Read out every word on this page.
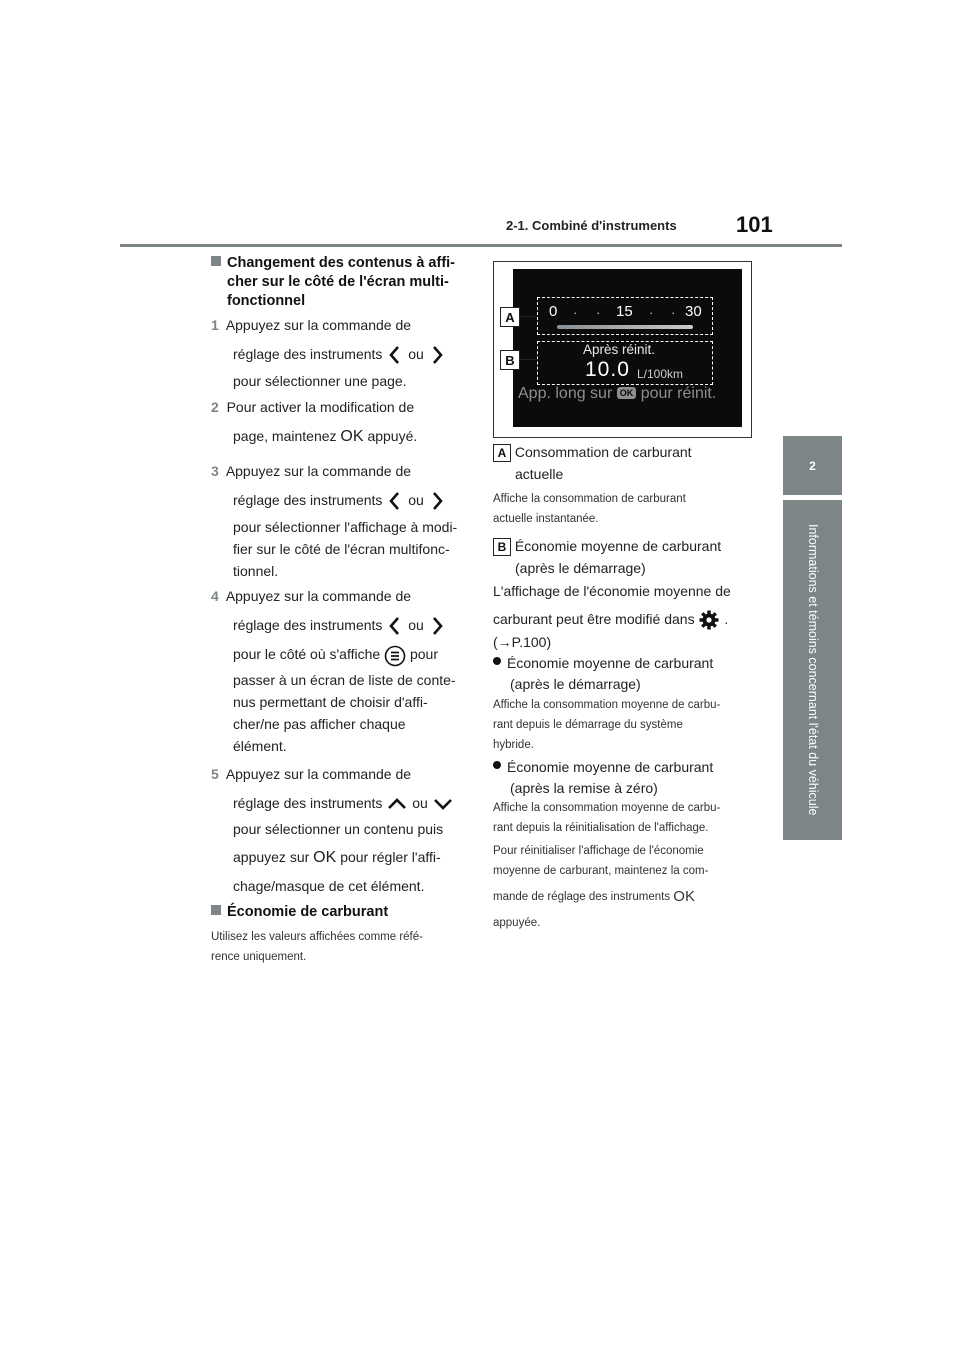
2-1. Combiné d'instruments	101
2
Informations et témoins concernant l'état du véhicule
Changement des contenus à affi-
cher sur le côté de l'écran multi-
fonctionnel
1 Appuyez sur la commande de
réglage des instruments ou
pour sélectionner une page.
2 Pour activer la modification de
page, maintenez OK appuyé.
3 Appuyez sur la commande de
réglage des instruments ou
pour sélectionner l'affichage à modi-
fier sur le côté de l'écran multifonc-
tionnel.
4 Appuyez sur la commande de
réglage des instruments ou
pour le côté où s'affiche pour
passer à un écran de liste de conte-
nus permettant de choisir d'affi-
cher/ne pas afficher chaque
élément.
5 Appuyez sur la commande de
réglage des instruments ou
pour sélectionner un contenu puis
appuyez sur OK pour régler l'affi-
chage/masque de cet élément.
Économie de carburant
Utilisez les valeurs affichées comme réfé-
rence uniquement.
0 · · 15 · · 30
Après réinit.
10.0 L/100km
App. long sur OK pour réinit.
A
B
A Consommation de carburant
actuelle
Affiche la consommation de carburant
actuelle instantanée.
B Économie moyenne de carburant
(après le démarrage)
L'affichage de l'économie moyenne de
carburant peut être modifié dans .
(→P.100)
Économie moyenne de carburant
(après le démarrage)
Affiche la consommation moyenne de carbu-
rant depuis le démarrage du système
hybride.
Économie moyenne de carburant
(après la remise à zéro)
Affiche la consommation moyenne de carbu-
rant depuis la réinitialisation de l'affichage.
Pour réinitialiser l'affichage de l'économie
moyenne de carburant, maintenez la com-
mande de réglage des instruments OK
appuyée.
